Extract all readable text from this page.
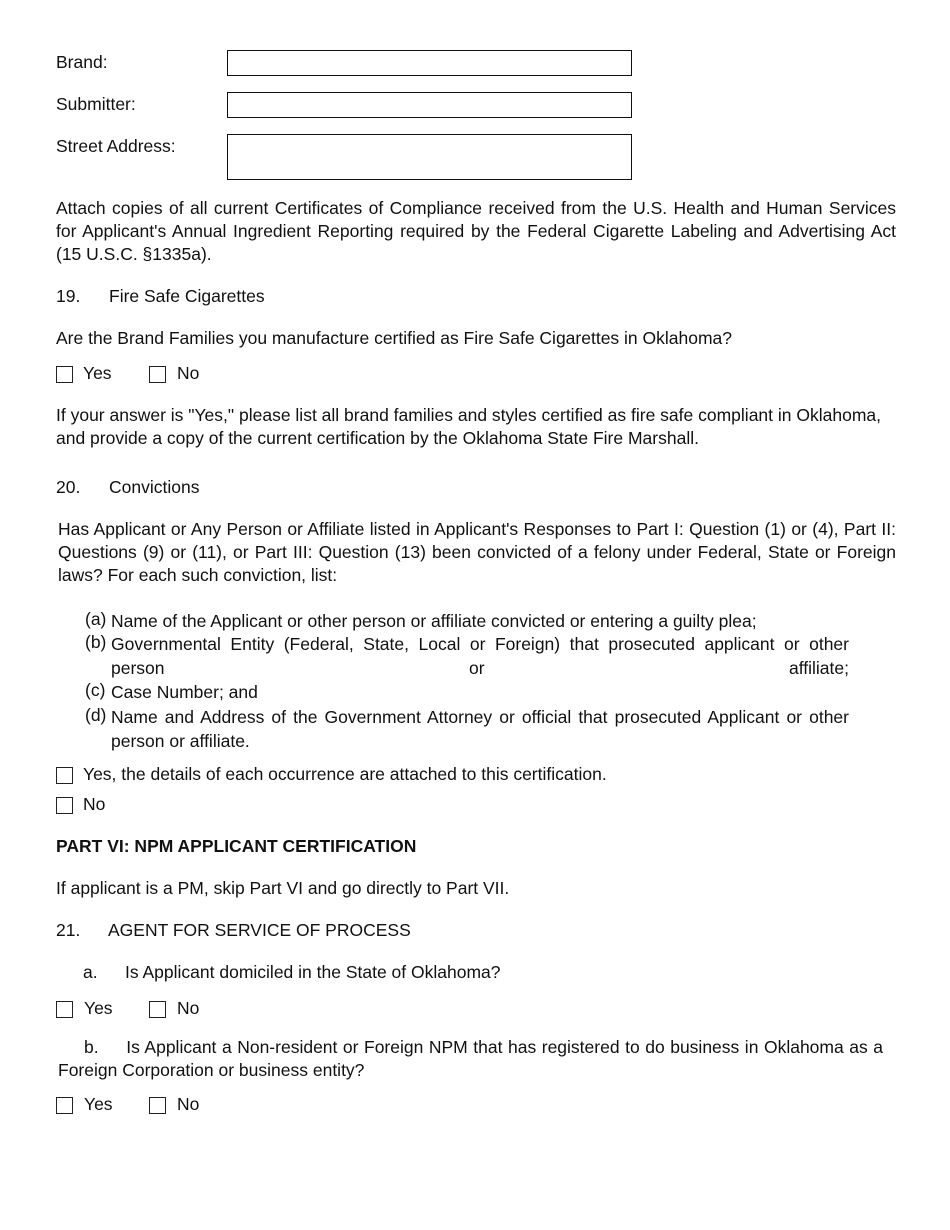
Brand:
Submitter:
Street Address:
Attach copies of all current Certificates of Compliance received from the U.S. Health and Human Services for Applicant's Annual Ingredient Reporting required by the Federal Cigarette Labeling and Advertising Act (15 U.S.C. §1335a).
19. Fire Safe Cigarettes
Are the Brand Families you manufacture certified as Fire Safe Cigarettes in Oklahoma?
Yes	No
If your answer is "Yes," please list all brand families and styles certified as fire safe compliant in Oklahoma, and provide a copy of the current certification by the Oklahoma State Fire Marshall.
20. Convictions
Has Applicant or Any Person or Affiliate listed in Applicant's Responses to Part I: Question (1) or (4), Part II: Questions (9) or (11), or Part III: Question (13) been convicted of a felony under Federal, State or Foreign laws? For each such conviction, list:
(a) Name of the Applicant or other person or affiliate convicted or entering a guilty plea;
(b) Governmental Entity (Federal, State, Local or Foreign) that prosecuted applicant or other person or affiliate;
(c) Case Number; and
(d) Name and Address of the Government Attorney or official that prosecuted Applicant or other person or affiliate.
Yes, the details of each occurrence are attached to this certification.
No
PART VI: NPM APPLICANT CERTIFICATION
If applicant is a PM, skip Part VI and go directly to Part VII.
21. AGENT FOR SERVICE OF PROCESS
a. Is Applicant domiciled in the State of Oklahoma?
Yes	No
b. Is Applicant a Non-resident or Foreign NPM that has registered to do business in Oklahoma as a Foreign Corporation or business entity?
Yes	No
